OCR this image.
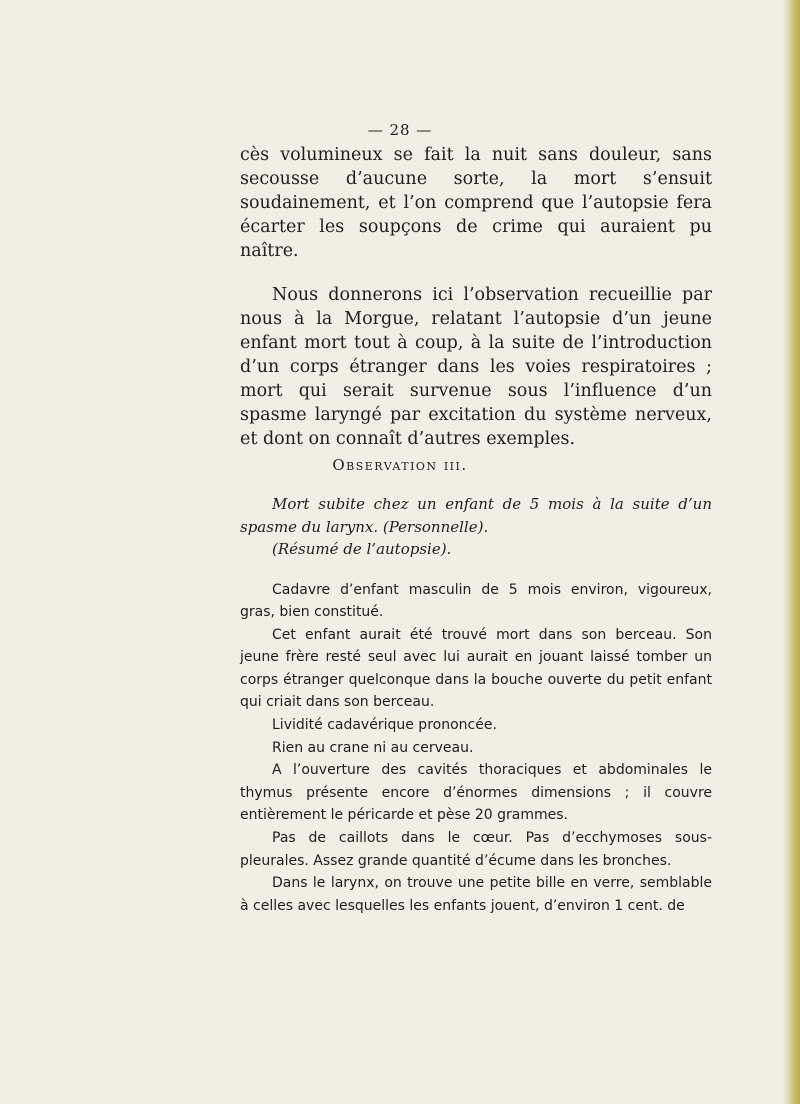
— 28 —

cès volumineux se fait la nuit sans douleur, sans secousse d’aucune sorte, la mort s’ensuit soudainement, et l’on comprend que l’autopsie fera écarter les soupçons de crime qui auraient pu naître.

Nous donnerons ici l’observation recueillie par nous à la Morgue, relatant l’autopsie d’un jeune enfant mort tout à coup, à la suite de l’introduction d’un corps étranger dans les voies respiratoires ; mort qui serait survenue sous l’influence d’un spasme laryngé par excitation du système nerveux, et dont on connaît d’autres exemples.

Observation iii.

Mort subite chez un enfant de 5 mois à la suite d’un spasme du larynx. (Personnelle).

(Résumé de l’autopsie).

Cadavre d’enfant masculin de 5 mois environ, vigoureux, gras, bien constitué.

Cet enfant aurait été trouvé mort dans son berceau. Son jeune frère resté seul avec lui aurait en jouant laissé tomber un corps étranger quelconque dans la bouche ouverte du petit enfant qui criait dans son berceau.

Lividité cadavérique prononcée.

Rien au crane ni au cerveau.

A l’ouverture des cavités thoraciques et abdominales le thymus présente encore d’énormes dimensions ; il couvre entièrement le péricarde et pèse 20 grammes.

Pas de caillots dans le cœur. Pas d’ecchymoses sous-pleurales. Assez grande quantité d’écume dans les bronches.

Dans le larynx, on trouve une petite bille en verre, semblable à celles avec lesquelles les enfants jouent, d’environ 1 cent. de
